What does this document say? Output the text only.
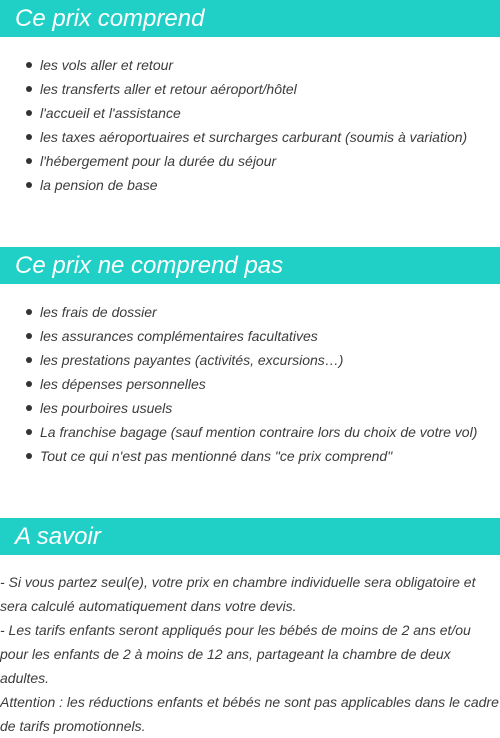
Ce prix comprend
les vols aller et retour
les transferts aller et retour aéroport/hôtel
l'accueil et l'assistance
les taxes aéroportuaires et surcharges carburant (soumis à variation)
l'hébergement pour la durée du séjour
la pension de base
Ce prix ne comprend pas
les frais de dossier
les assurances complémentaires facultatives
les prestations payantes (activités, excursions…)
les dépenses personnelles
les pourboires usuels
La franchise bagage (sauf mention contraire lors du choix de votre vol)
Tout ce qui n'est pas mentionné dans "ce prix comprend"
A savoir

- Si vous partez seul(e), votre prix en chambre individuelle sera obligatoire et sera calculé automatiquement dans votre devis.

- Les tarifs enfants seront appliqués pour les bébés de moins de 2 ans et/ou pour les enfants de 2 à moins de 12 ans, partageant la chambre de deux adultes.

Attention : les réductions enfants et bébés ne sont pas applicables dans le cadre de tarifs promotionnels.
